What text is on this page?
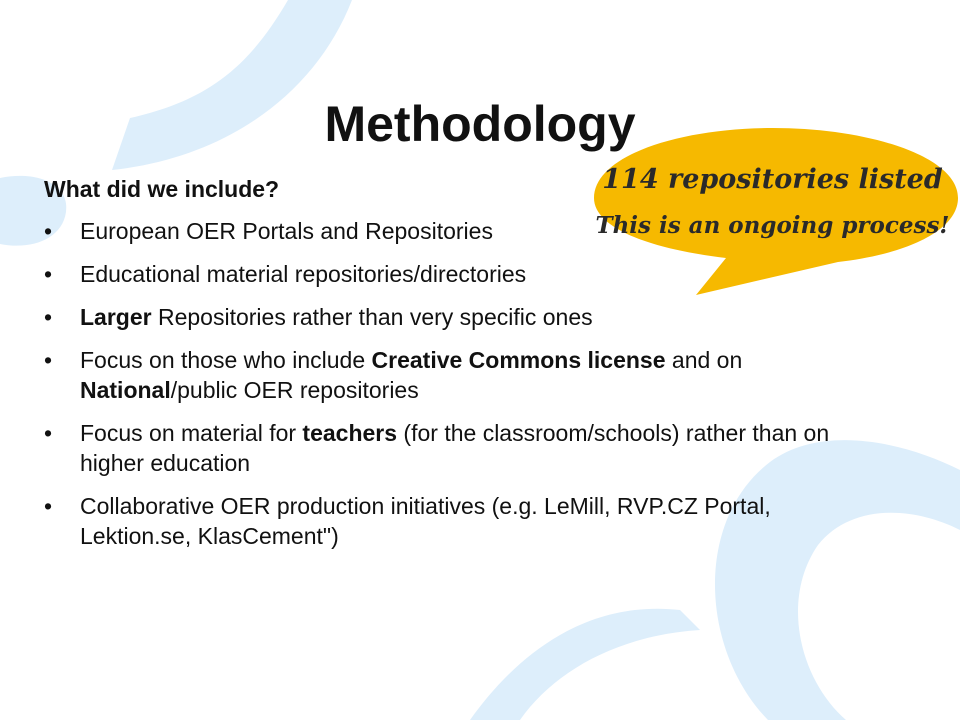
Methodology

What did we include?

• European OER Portals and Repositories
• Educational material repositories/directories
• Larger Repositories rather than very specific ones
• Focus on those who include Creative Commons license and on National/public OER repositories
• Focus on material for teachers (for the classroom/schools) rather than on higher education
• Collaborative OER production initiatives (e.g. LeMill, RVP.CZ Portal, Lektion.se, KlasCement")
114 repositories listed
This is an ongoing process!
